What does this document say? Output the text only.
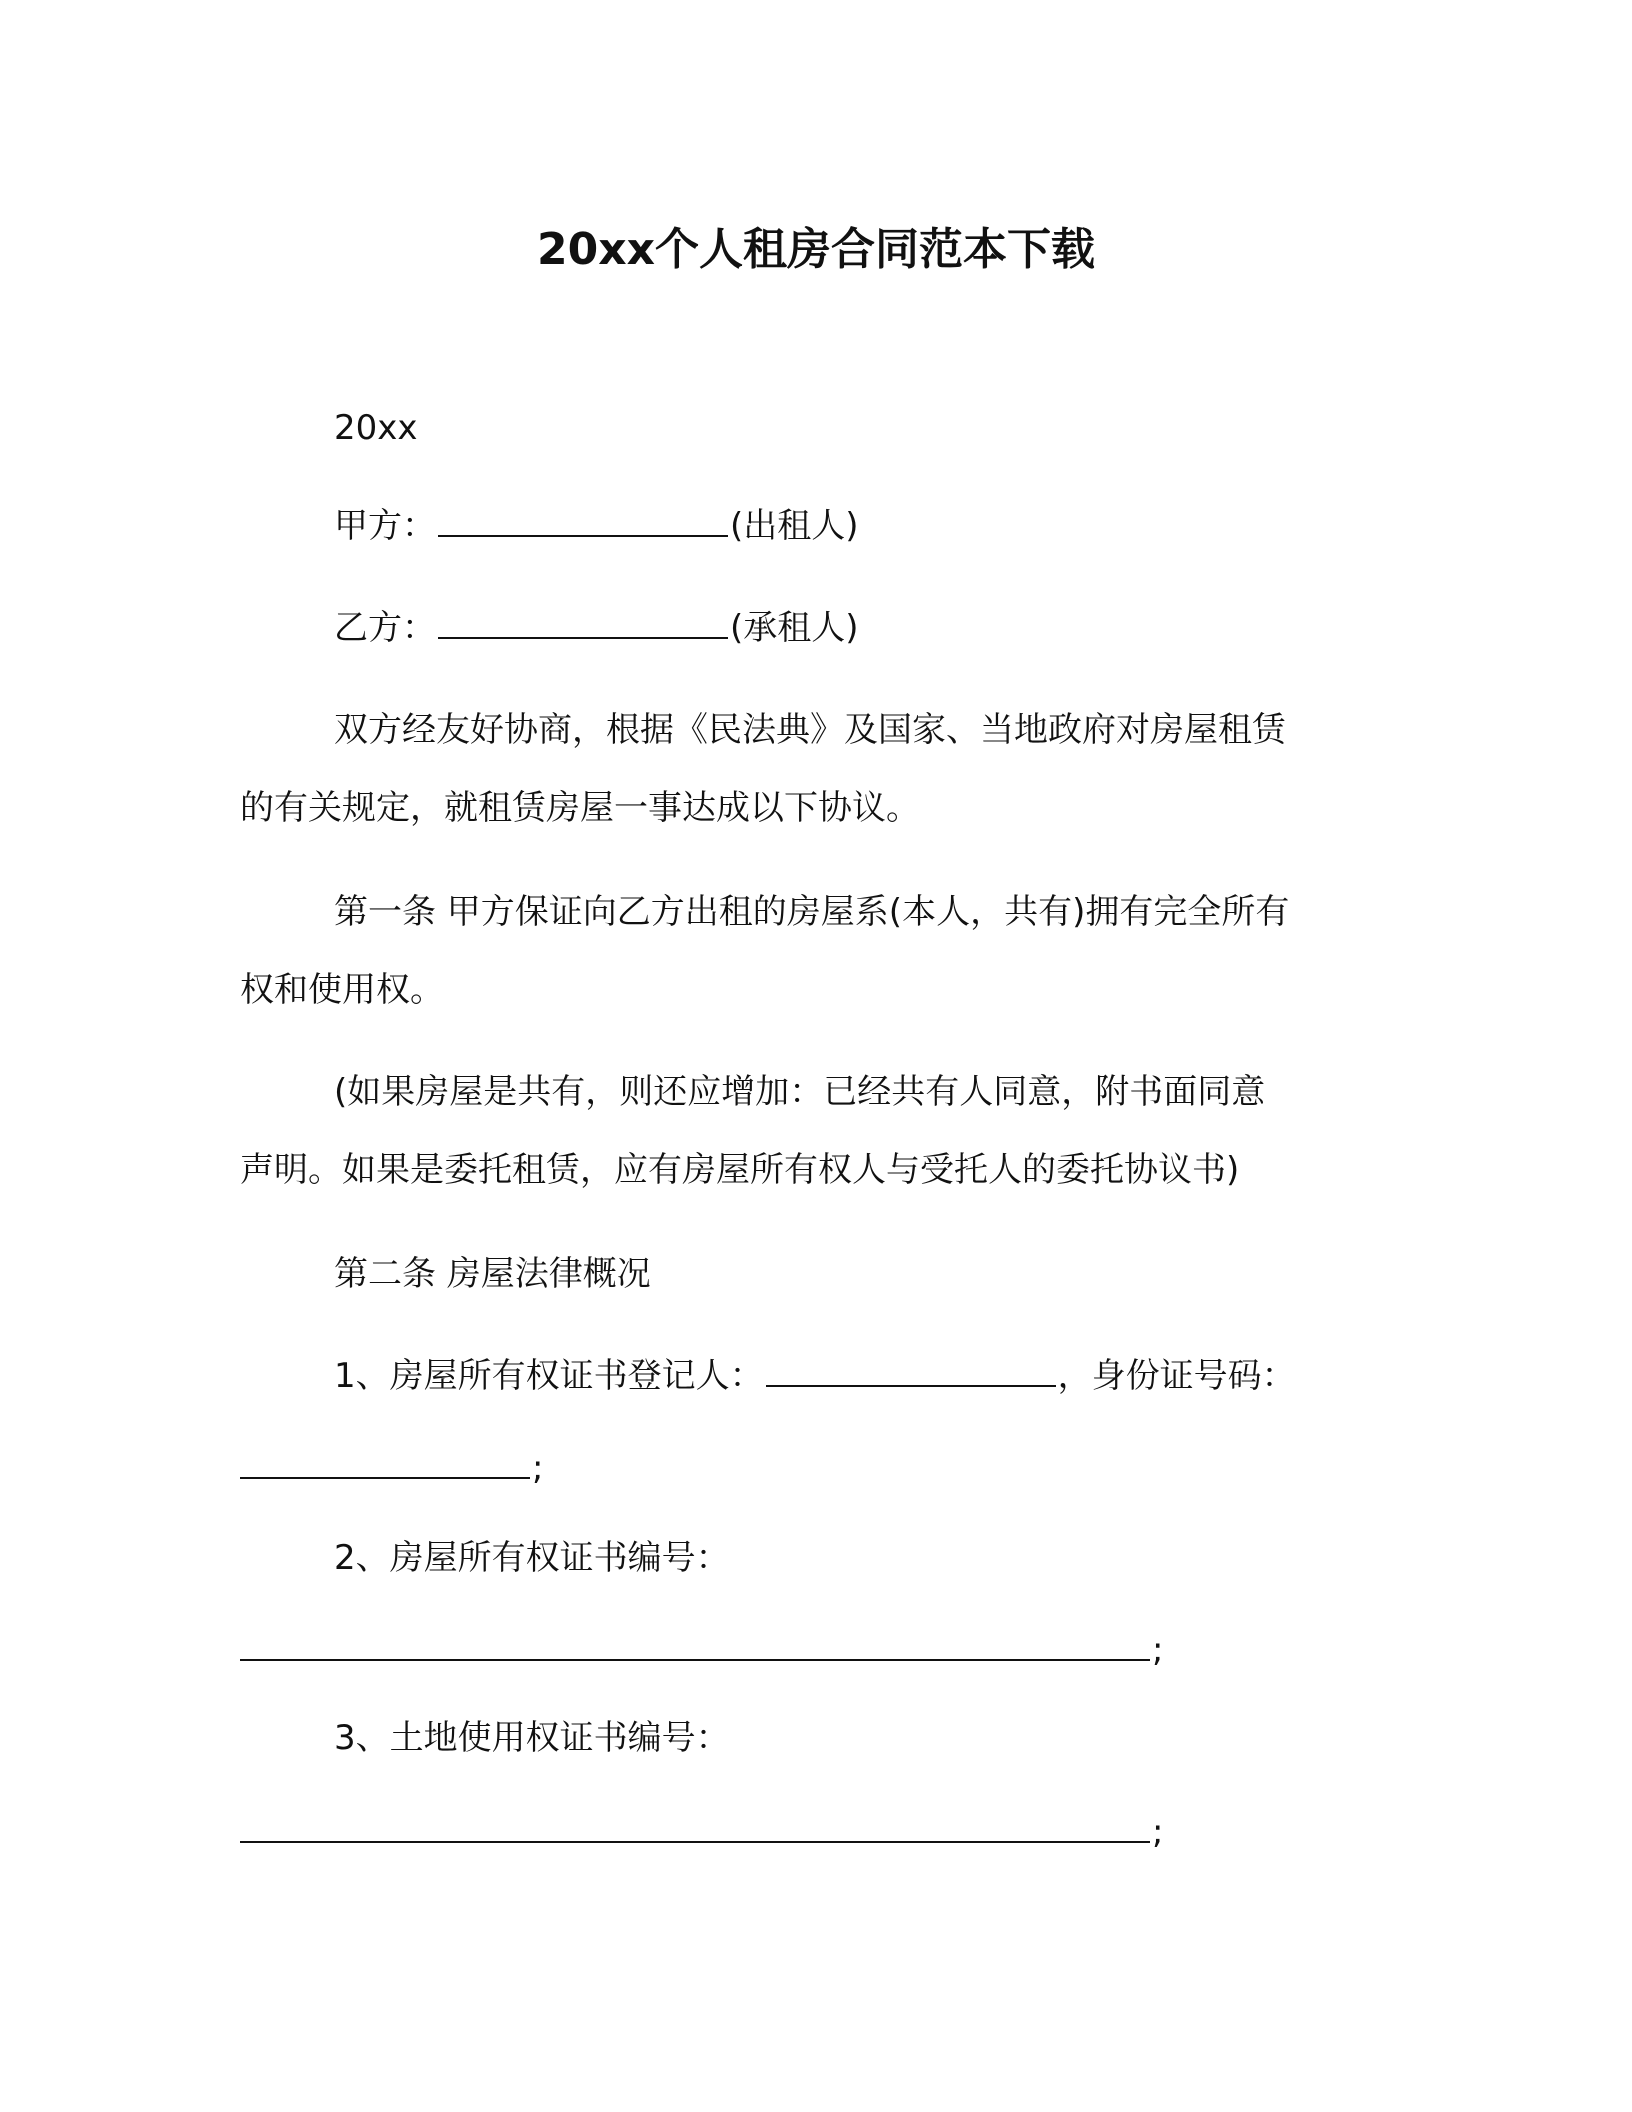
20xx个人租房合同范本下载
20xx
甲方：	(出租人)
乙方：	(承租人)
双方经友好协商，根据《民法典》及国家、当地政府对房屋租赁
的有关规定，就租赁房屋一事达成以下协议。
第一条 甲方保证向乙方出租的房屋系(本人，共有)拥有完全所有
权和使用权。
(如果房屋是共有，则还应增加：已经共有人同意，附书面同意
声明。如果是委托租赁，应有房屋所有权人与受托人的委托协议书)
第二条 房屋法律概况
1、房屋所有权证书登记人：	，身份证号码：
;
2、房屋所有权证书编号：
;
3、土地使用权证书编号：
;
